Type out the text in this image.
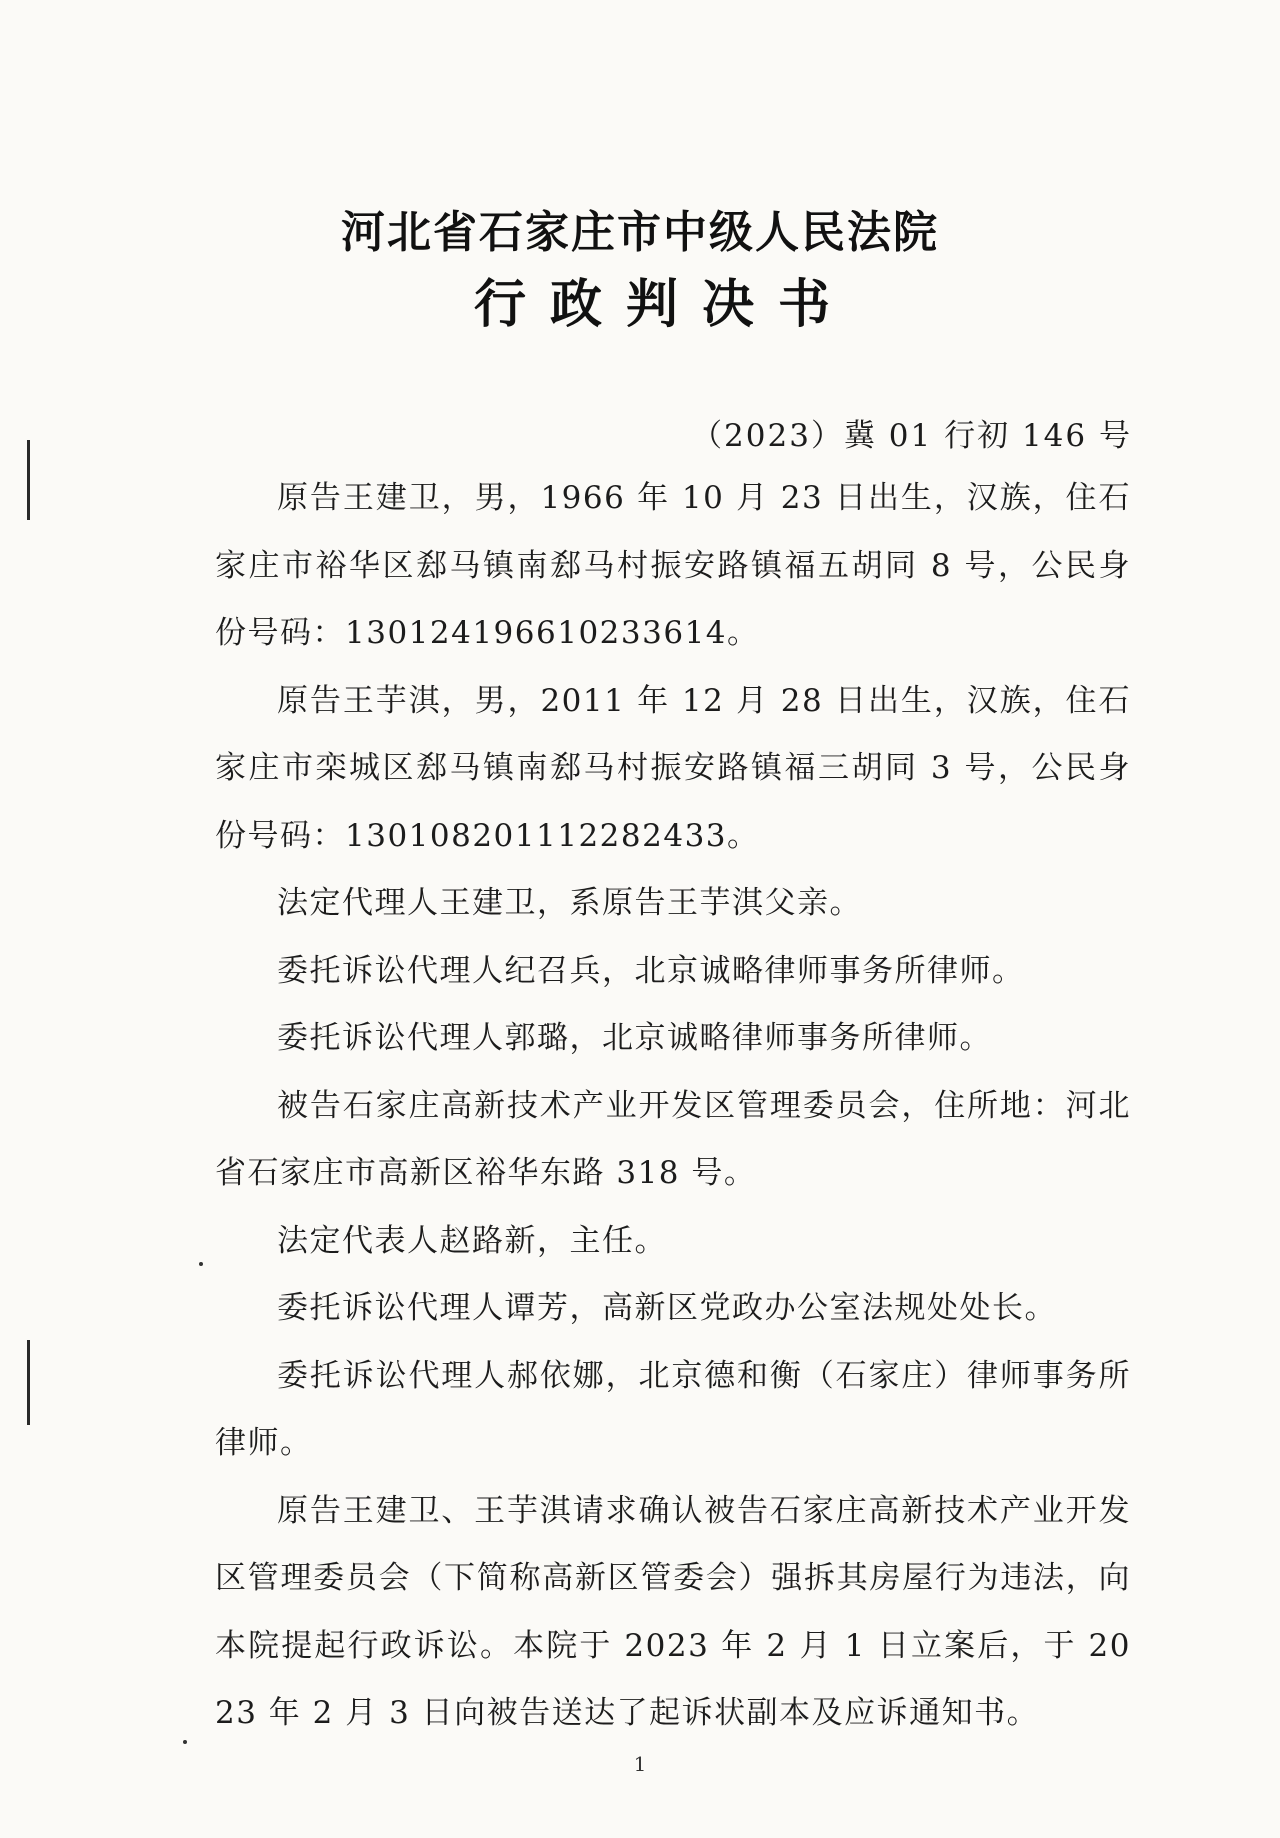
河北省石家庄市中级人民法院
行政判决书
（2023）冀 01 行初 146 号

原告王建卫，男，1966 年 10 月 23 日出生，汉族，住石家庄市裕华区郄马镇南郄马村振安路镇福五胡同 8 号，公民身份号码：130124196610233614。

原告王芋淇，男，2011 年 12 月 28 日出生，汉族，住石家庄市栾城区郄马镇南郄马村振安路镇福三胡同 3 号，公民身份号码：130108201112282433。

法定代理人王建卫，系原告王芋淇父亲。

委托诉讼代理人纪召兵，北京诚略律师事务所律师。

委托诉讼代理人郭璐，北京诚略律师事务所律师。

被告石家庄高新技术产业开发区管理委员会，住所地：河北省石家庄市高新区裕华东路 318 号。

法定代表人赵路新，主任。

委托诉讼代理人谭芳，高新区党政办公室法规处处长。

委托诉讼代理人郝依娜，北京德和衡（石家庄）律师事务所律师。

原告王建卫、王芋淇请求确认被告石家庄高新技术产业开发区管理委员会（下简称高新区管委会）强拆其房屋行为违法，向本院提起行政诉讼。本院于 2023 年 2 月 1 日立案后，于 2023 年 2 月 3 日向被告送达了起诉状副本及应诉通知书。

1
